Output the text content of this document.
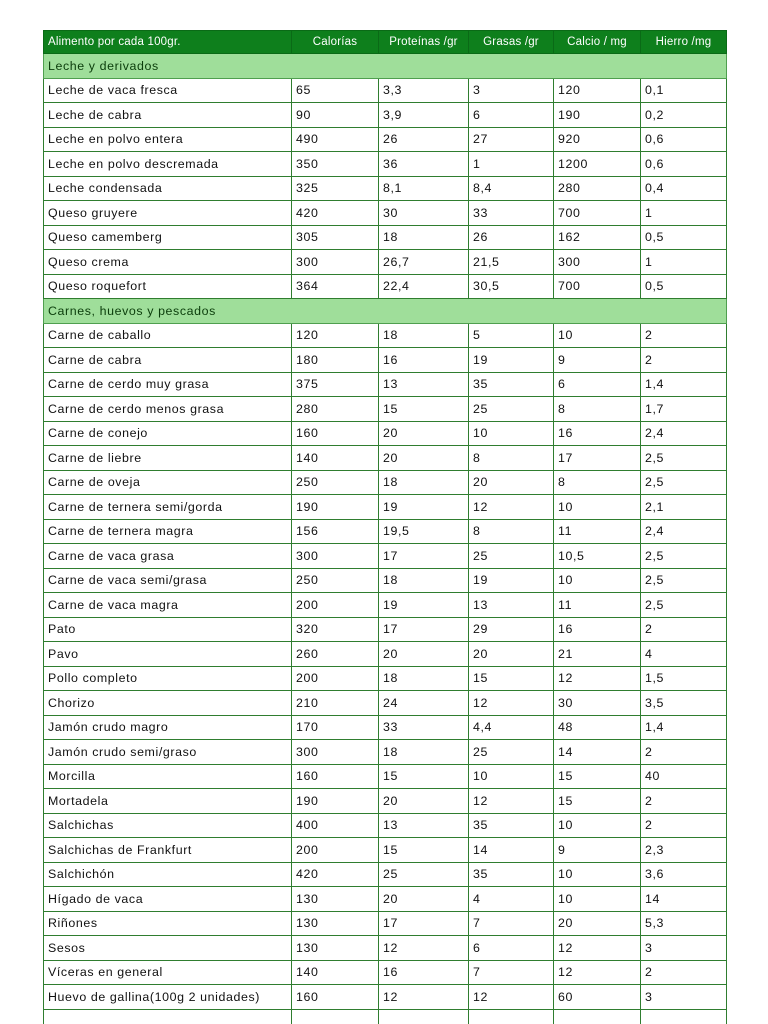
Alimento por cada 100gr.	Calorías	Proteínas /gr	Grasas /gr	Calcio / mg	Hierro /mg
Leche y derivados					
Leche de vaca fresca	65	3,3	3	120	0,1
Leche de cabra	90	3,9	6	190	0,2
Leche en polvo entera	490	26	27	920	0,6
Leche en polvo descremada	350	36	1	1200	0,6
Leche condensada	325	8,1	8,4	280	0,4
Queso gruyere	420	30	33	700	1
Queso camemberg	305	18	26	162	0,5
Queso crema	300	26,7	21,5	300	1
Queso roquefort	364	22,4	30,5	700	0,5
Carnes, huevos y pescados					
Carne de caballo	120	18	5	10	2
Carne de cabra	180	16	19	9	2
Carne de cerdo muy grasa	375	13	35	6	1,4
Carne de cerdo menos grasa	280	15	25	8	1,7
Carne de conejo	160	20	10	16	2,4
Carne de liebre	140	20	8	17	2,5
Carne de oveja	250	18	20	8	2,5
Carne de ternera semi/gorda	190	19	12	10	2,1
Carne de ternera magra	156	19,5	8	11	2,4
Carne de vaca grasa	300	17	25	10,5	2,5
Carne de vaca semi/grasa	250	18	19	10	2,5
Carne de vaca magra	200	19	13	11	2,5
Pato	320	17	29	16	2
Pavo	260	20	20	21	4
Pollo completo	200	18	15	12	1,5
Chorizo	210	24	12	30	3,5
Jamón crudo magro	170	33	4,4	48	1,4
Jamón crudo semi/graso	300	18	25	14	2
Morcilla	160	15	10	15	40
Mortadela	190	20	12	15	2
Salchichas	400	13	35	10	2
Salchichas de Frankfurt	200	15	14	9	2,3
Salchichón	420	25	35	10	3,6
Hígado de vaca	130	20	4	10	14
Riñones	130	17	7	20	5,3
Sesos	130	12	6	12	3
Víceras en general	140	16	7	12	2
Huevo de gallina(100g 2 unidades)	160	12	12	60	3
